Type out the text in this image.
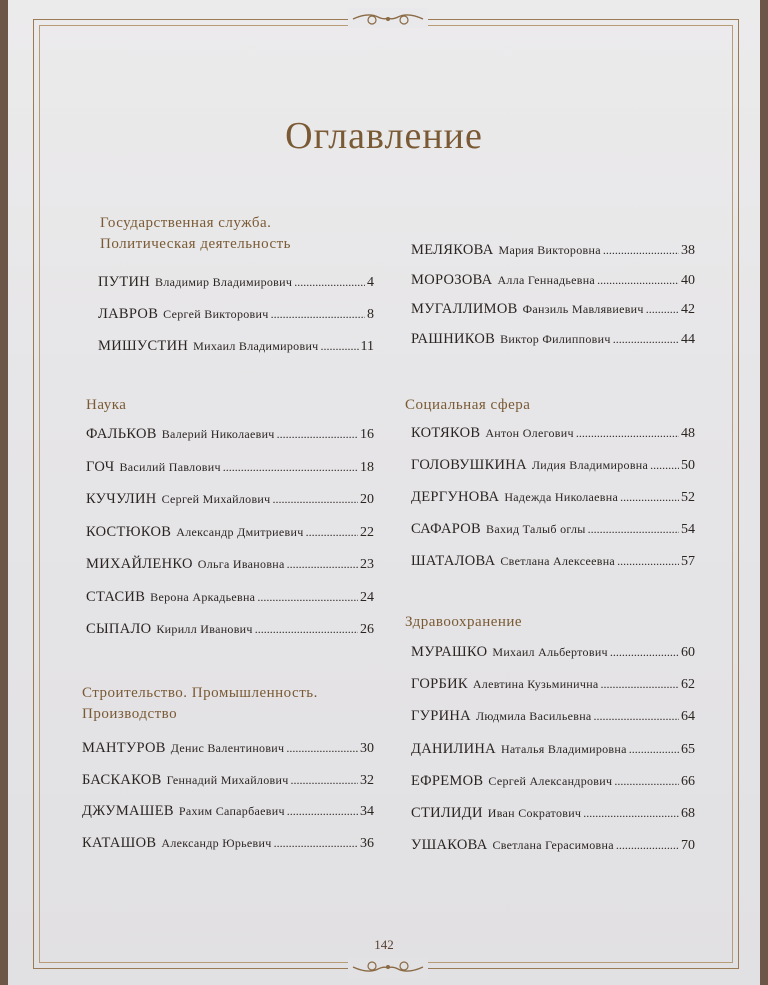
Оглавление
Государственная служба.
Политическая деятельность
ПУТИН Владимир Владимирович .....	4
ЛАВРОВ Сергей Викторович .....	8
МИШУСТИН Михаил Владимирович .....	11
Наука
ФАЛЬКОВ Валерий Николаевич .....	16
ГОЧ Василий Павлович .....	18
КУЧУЛИН Сергей Михайлович .....	20
КОСТЮКОВ Александр Дмитриевич .....	22
МИХАЙЛЕНКО Ольга Ивановна .....	23
СТАСИВ Верона Аркадьевна .....	24
СЫПАЛО Кирилл Иванович .....	26
Строительство. Промышленность.
Производство
МАНТУРОВ Денис Валентинович .....	30
БАСКАКОВ Геннадий Михайлович .....	32
ДЖУМАШЕВ Рахим Сапарбаевич .....	34
КАТАШОВ Александр Юрьевич .....	36
МЕЛЯКОВА Мария Викторовна .....	38
МОРОЗОВА Алла Геннадьевна .....	40
МУГАЛЛИМОВ Фанзиль Мавлявиевич .....	42
РАШНИКОВ Виктор Филиппович .....	44
Социальная сфера
КОТЯКОВ Антон Олегович .....	48
ГОЛОВУШКИНА Лидия Владимировна ..... 50
ДЕРГУНОВА Надежда Николаевна .....	52
САФАРОВ Вахид Талыб оглы .....	54
ШАТАЛОВА Светлана Алексеевна .....	57
Здравоохранение
МУРАШКО Михаил Альбертович .....	60
ГОРБИК Алевтина Кузьминична .....	62
ГУРИНА Людмила Васильевна .....	64
ДАНИЛИНА Наталья Владимировна .....	65
ЕФРЕМОВ Сергей Александрович .....	66
СТИЛИДИ Иван Сократович .....	68
УШАКОВА Светлана Герасимовна .....	70
142
